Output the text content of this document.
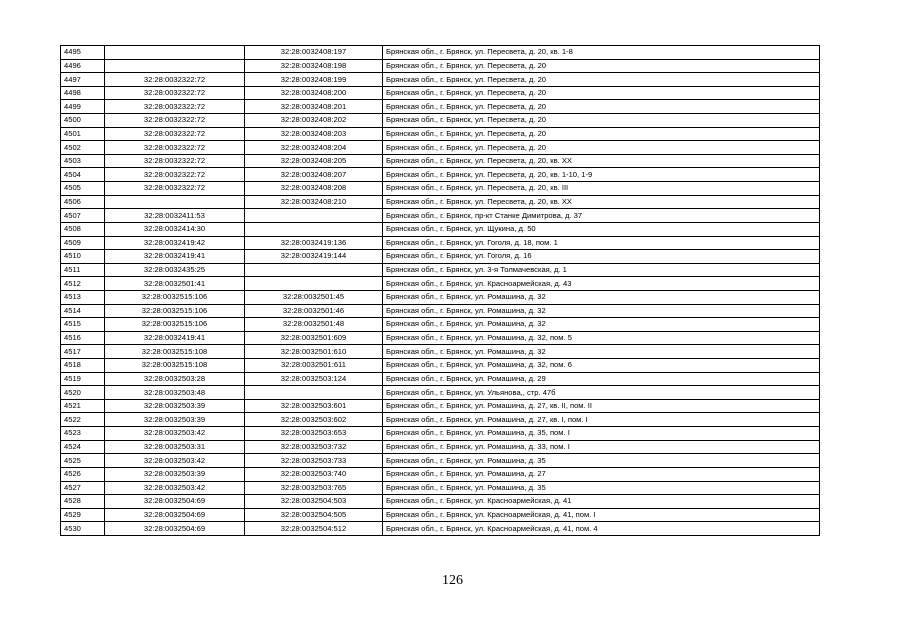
4495		32:28:0032408:197	Брянская обл., г. Брянск, ул. Пересвета, д. 20, кв. 1-8
4496		32:28:0032408:198	Брянская обл., г. Брянск, ул. Пересвета, д. 20
4497	32:28:0032322:72	32:28:0032408:199	Брянская обл., г. Брянск, ул. Пересвета, д. 20
4498	32:28:0032322:72	32:28:0032408:200	Брянская обл., г. Брянск, ул. Пересвета, д. 20
4499	32:28:0032322:72	32:28:0032408:201	Брянская обл., г. Брянск, ул. Пересвета, д. 20
4500	32:28:0032322:72	32:28:0032408:202	Брянская обл., г. Брянск, ул. Пересвета, д. 20
4501	32:28:0032322:72	32:28:0032408:203	Брянская обл., г. Брянск, ул. Пересвета, д. 20
4502	32:28:0032322:72	32:28:0032408:204	Брянская обл., г. Брянск, ул. Пересвета, д. 20
4503	32:28:0032322:72	32:28:0032408:205	Брянская обл., г. Брянск, ул. Пересвета, д. 20, кв. XX
4504	32:28:0032322:72	32:28:0032408:207	Брянская обл., г. Брянск, ул. Пересвета, д. 20, кв. 1-10, 1-9
4505	32:28:0032322:72	32:28:0032408:208	Брянская обл., г. Брянск, ул. Пересвета, д. 20, кв. III
4506		32:28:0032408:210	Брянская обл., г. Брянск, ул. Пересвета, д. 20, кв. XX
4507	32:28:0032411:53		Брянская обл., г. Брянск, пр-кт Станке Димитрова, д. 37
4508	32:28:0032414:30		Брянская обл., г. Брянск, ул. Щукина, д. 50
4509	32:28:0032419:42	32:28:0032419:136	Брянская обл., г. Брянск, ул. Гоголя, д. 18, пом. 1
4510	32:28:0032419:41	32:28:0032419:144	Брянская обл., г. Брянск, ул. Гоголя, д. 16
4511	32:28:0032435:25		Брянская обл., г. Брянск, ул. 3-я Толмачевская, д. 1
4512	32:28:0032501:41		Брянская обл., г. Брянск, ул. Красноармейская, д. 43
4513	32:28:0032515:106	32:28:0032501:45	Брянская обл., г. Брянск, ул. Ромашина, д. 32
4514	32:28:0032515:106	32:28:0032501:46	Брянская обл., г. Брянск, ул. Ромашина, д. 32
4515	32:28:0032515:106	32:28:0032501:48	Брянская обл., г. Брянск, ул. Ромашина, д. 32
4516	32:28:0032419:41	32:28:0032501:609	Брянская обл., г. Брянск, ул. Ромашина, д. 32, пом. 5
4517	32:28:0032515:108	32:28:0032501:610	Брянская обл., г. Брянск, ул. Ромашина, д. 32
4518	32:28:0032515:108	32:28:0032501:611	Брянская обл., г. Брянск, ул. Ромашина, д. 32, пом. 6
4519	32:28:0032503:28	32:28:0032503:124	Брянская обл., г. Брянск, ул. Ромашина, д. 29
4520	32:28:0032503:48		Брянская обл., г. Брянск, ул. Ульянова,, стр. 47б
4521	32:28:0032503:39	32:28:0032503:601	Брянская обл., г. Брянск, ул. Ромашина, д. 27, кв. II, пом. II
4522	32:28:0032503:39	32:28:0032503:602	Брянская обл., г. Брянск, ул. Ромашина, д. 27, кв. I, пом. I
4523	32:28:0032503:42	32:28:0032503:653	Брянская обл., г. Брянск, ул. Ромашина, д. 35, пом. I
4524	32:28:0032503:31	32:28:0032503:732	Брянская обл., г. Брянск, ул. Ромашина, д. 33, пом. I
4525	32:28:0032503:42	32:28:0032503:733	Брянская обл., г. Брянск, ул. Ромашина, д. 35
4526	32:28:0032503:39	32:28:0032503:740	Брянская обл., г. Брянск, ул. Ромашина, д. 27
4527	32:28:0032503:42	32:28:0032503:765	Брянская обл., г. Брянск, ул. Ромашина, д. 35
4528	32:28:0032504:69	32:28:0032504:503	Брянская обл., г. Брянск, ул. Красноармейская, д. 41
4529	32:28:0032504:69	32:28:0032504:505	Брянская обл., г. Брянск, ул. Красноармейская, д. 41, пом. I
4530	32:28:0032504:69	32:28:0032504:512	Брянская обл., г. Брянск, ул. Красноармейская, д. 41, пом. 4
126
